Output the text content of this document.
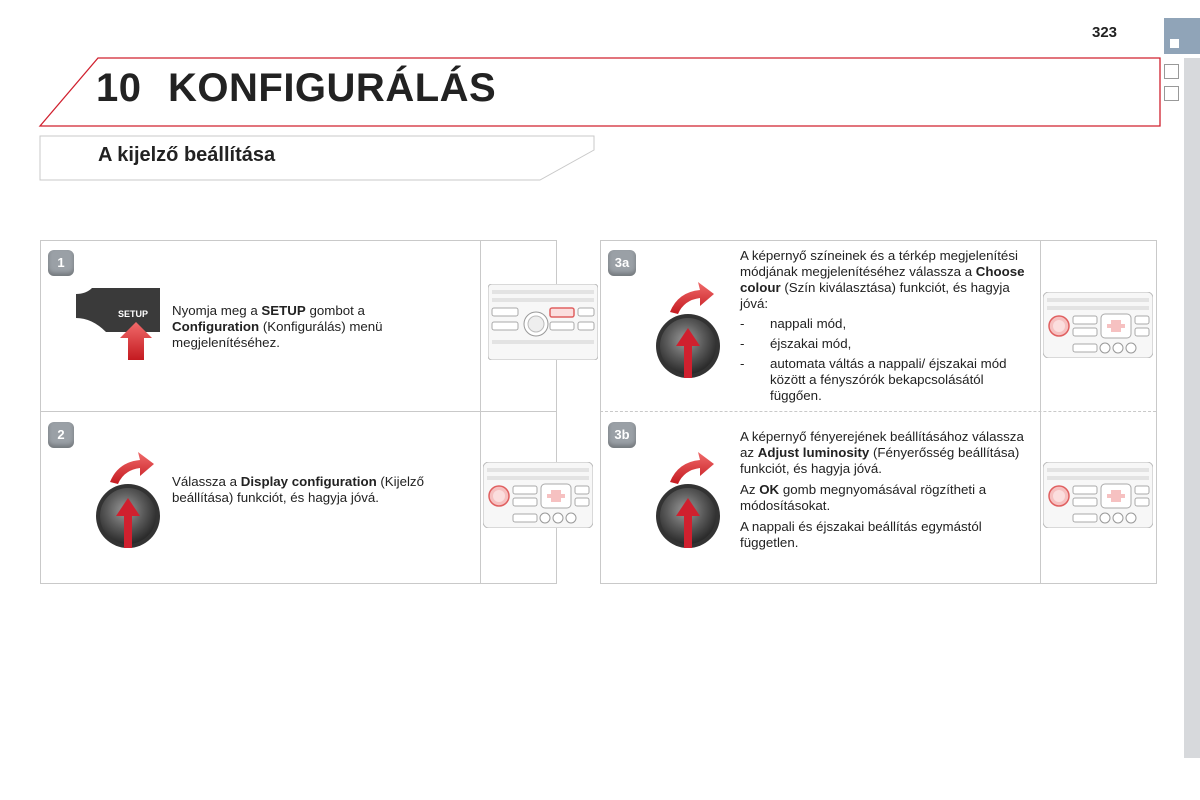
323
10 KONFIGURÁLÁS
A kijelző beállítása
1
SETUP Nyomja meg a SETUP gombot a Configuration (Konfigurálás) menü megjelenítéséhez.
2
Válassza a Display configuration (Kijelző beállítása) funkciót, és hagyja jóvá.
3a	A képernyő színeinek és a térkép megjelenítési módjának megjelenítéséhez válassza a Choose colour (Szín kiválasztása) funkciót, és hagyja jóvá:
- nappali mód,
- éjszakai mód,
- automata váltás a nappali/ éjszakai mód között a fényszórók bekapcsolásától függően.
3b	A képernyő fényerejének beállításához válassza az Adjust luminosity (Fényerősség beállítása) funkciót, és hagyja jóvá.

Az OK gomb megnyomásával rögzítheti a módosításokat.

A nappali és éjszakai beállítás egymástól független.
